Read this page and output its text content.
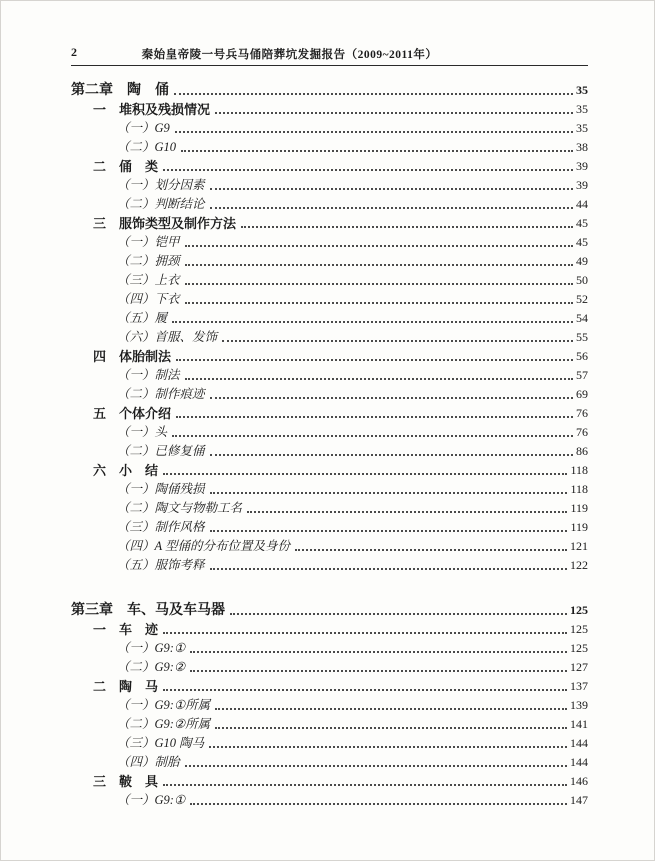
2	秦始皇帝陵一号兵马俑陪葬坑发掘报告（2009~2011年）
第二章　陶　俑	35
一　堆积及残损情况	35
（一）G9	35
（二）G10	38
二　俑　类	39
（一）划分因素	39
（二）判断结论	44
三　服饰类型及制作方法	45
（一）铠甲	45
（二）拥颈	49
（三）上衣	50
（四）下衣	52
（五）履	54
（六）首服、发饰	55
四　体胎制法	56
（一）制法	57
（二）制作痕迹	69
五　个体介绍	76
（一）头	76
（二）已修复俑	86
六　小　结	118
（一）陶俑残损	118
（二）陶文与物勒工名	119
（三）制作风格	119
（四）A 型俑的分布位置及身份	121
（五）服饰考释	122
第三章　车、马及车马器	125
一　车　迹	125
（一）G9:①	125
（二）G9:②	127
二　陶　马	137
（一）G9:①所属	139
（二）G9:②所属	141
（三）G10 陶马	144
（四）制胎	144
三　鞁　具	146
（一）G9:①	147
